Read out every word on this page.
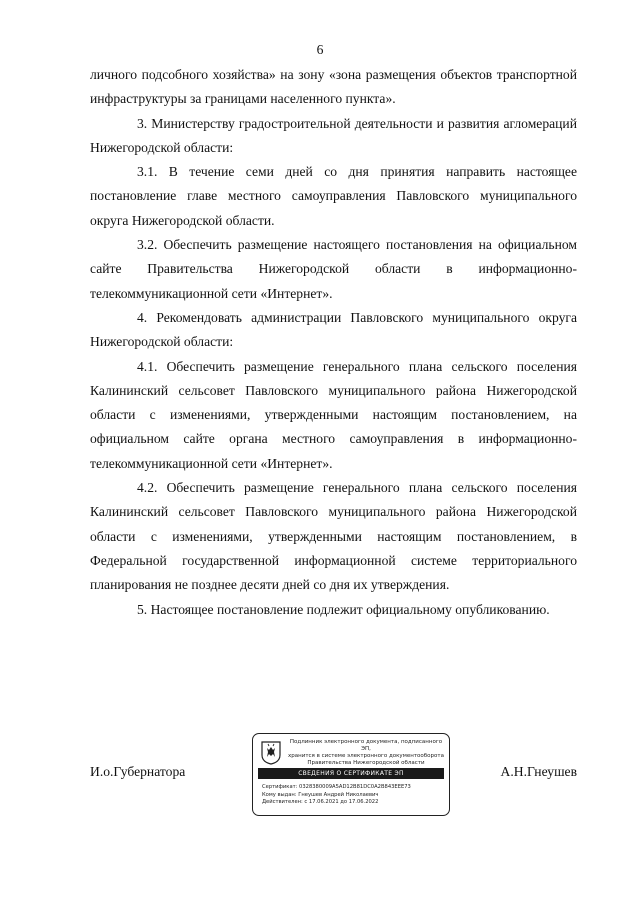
6

личного подсобного хозяйства» на зону «зона размещения объектов транспортной инфраструктуры за границами населенного пункта».

3. Министерству градостроительной деятельности и развития агломераций Нижегородской области:

3.1. В течение семи дней со дня принятия направить настоящее постановление главе местного самоуправления Павловского муниципального округа Нижегородской области.

3.2. Обеспечить размещение настоящего постановления на официальном сайте Правительства Нижегородской области в информационно-телекоммуникационной сети «Интернет».

4. Рекомендовать администрации Павловского муниципального округа Нижегородской области:

4.1. Обеспечить размещение генерального плана сельского поселения Калининский сельсовет Павловского муниципального района Нижегородской области с изменениями, утвержденными настоящим постановлением, на официальном сайте органа местного самоуправления в информационно-телекоммуникационной сети «Интернет».

4.2. Обеспечить размещение генерального плана сельского поселения Калининский сельсовет Павловского муниципального района Нижегородской области с изменениями, утвержденными настоящим постановлением, в Федеральной государственной информационной системе территориального планирования не позднее десяти дней со дня их утверждения.

5. Настоящее постановление подлежит официальному опубликованию.

И.о.Губернатора	А.Н.Гнеушев
Подлинник электронного документа, подписанного ЭП,
хранится в системе электронного документооборота
Правительства Нижегородской области
СВЕДЕНИЯ О СЕРТИФИКАТЕ ЭП
Сертификат: 0328380009A5AD12B81DC0A2B843EEE73
Кому выдан: Гнеушев Андрей Николаевич
Действителен: с 17.06.2021 до 17.06.2022
